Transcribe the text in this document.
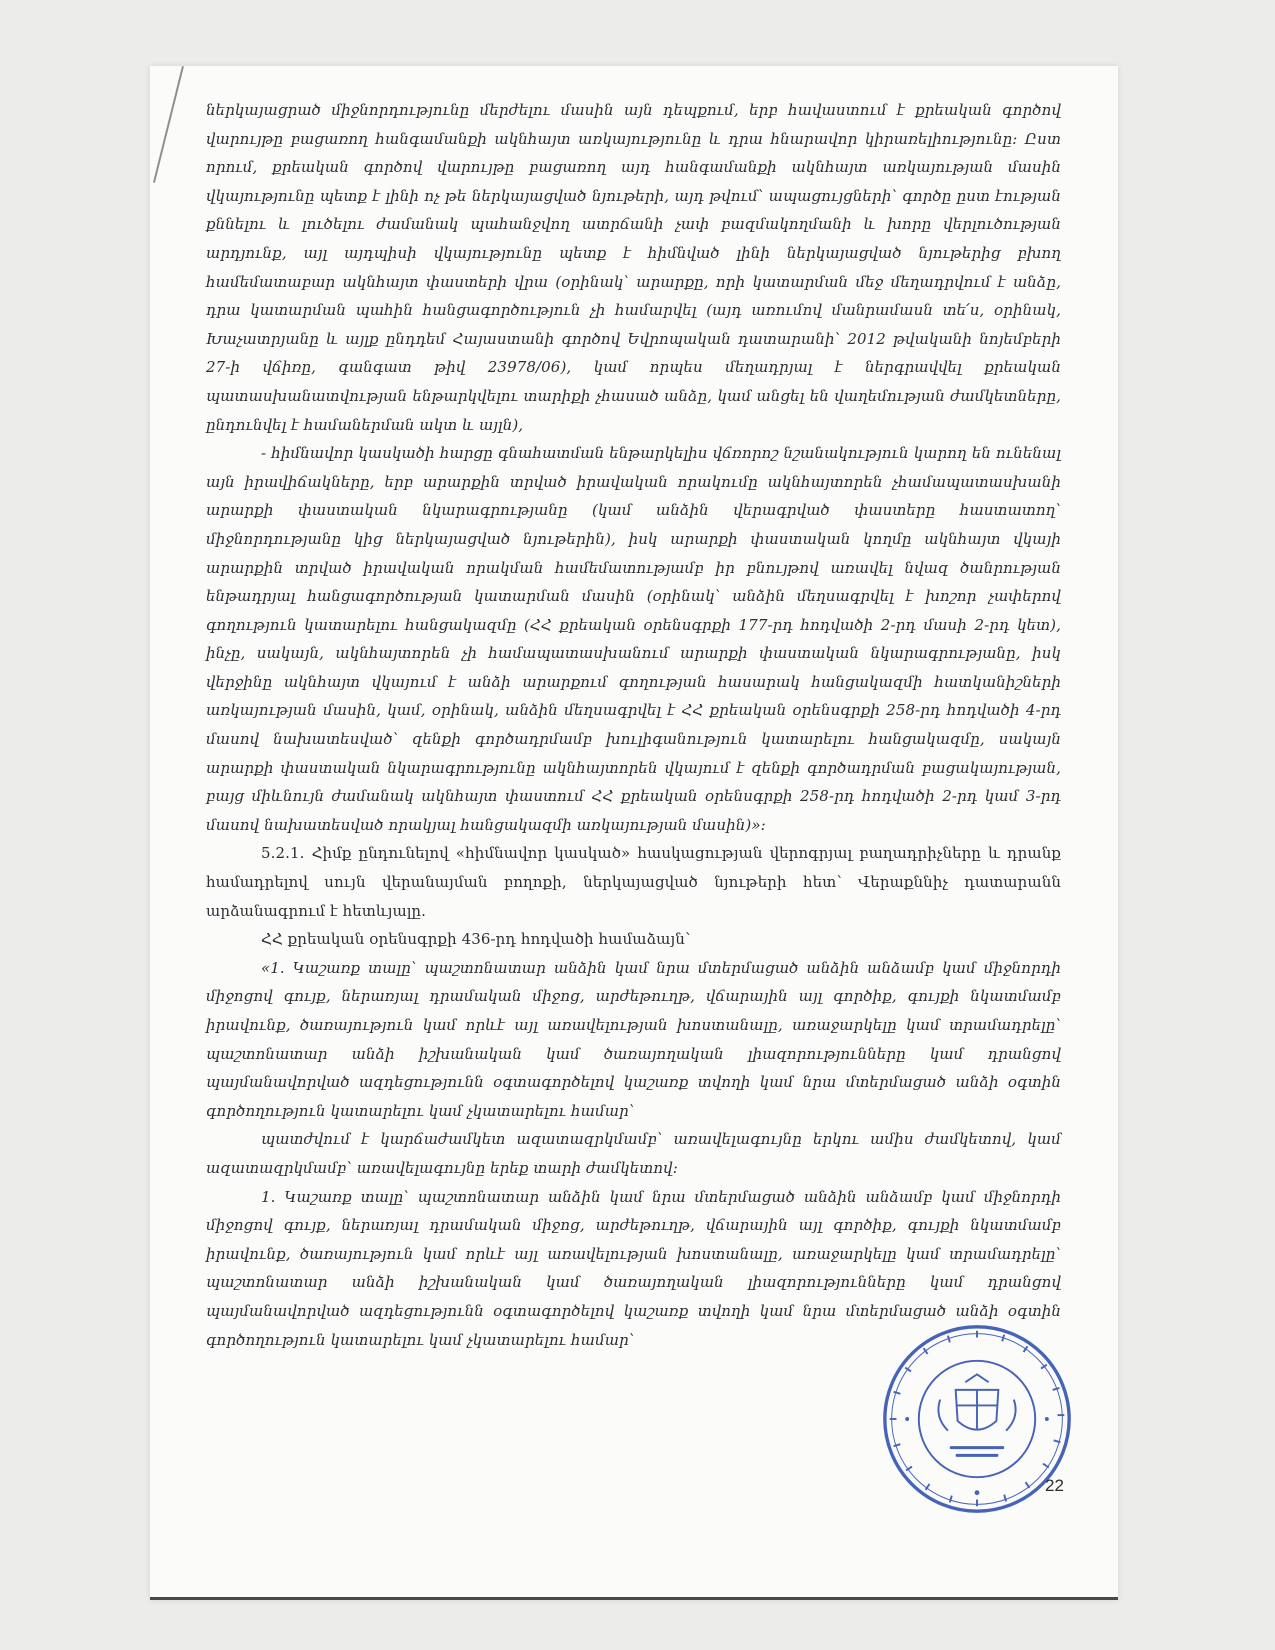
ներկայացրած միջնորդությունը մերժելու մասին այն դեպքում, երբ հավաստում է քրեական գործով վարույթը բացառող հանգամանքի ակնհայտ առկայությունը և դրա հնարավոր կիրառելիությունը: Ըստ որում, քրեական գործով վարույթը բացառող այդ հանգամանքի ակնհայտ առկայության մասին վկայությունը պետք է լինի ոչ թե ներկայացված նյութերի, այդ թվում՝ ապացույցների՝ գործը ըստ էության քննելու և լուծելու ժամանակ պահանջվող ատրճանի չափ բազմակողմանի և խորը վերլուծության արդյունք, այլ այդպիսի վկայությունը պետք է հիմնված լինի ներկայացված նյութերից բխող համեմատաբար ակնհայտ փաստերի վրա (օրինակ՝ արարքը, որի կատարման մեջ մեղադրվում է անձը, դրա կատարման պահին հանցագործություն չի համարվել (այդ առումով մանրամասն տե՛ս, օրինակ, Խաչատրյանը և այլք ընդդեմ Հայաստանի գործով Եվրոպական դատարանի՝ 2012 թվականի նոյեմբերի 27-ի վճիռը, գանգատ թիվ 23978/06), կամ որպես մեղադրյալ է ներգրավվել քրեական պատասխանատվության ենթարկվելու տարիքի չհասած անձը, կամ անցել են վաղեմության ժամկետները, ընդունվել է համաներման ակտ և այլն),

- հիմնավոր կասկածի հարցը գնահատման ենթարկելիս վճռորոշ նշանակություն կարող են ունենալ այն իրավիճակները, երբ արարքին տրված իրավական որակումը ակնհայտորեն չհամապատասխանի արարքի փաստական նկարագրությանը (կամ անձին վերագրված փաստերը հաստատող՝ միջնորդությանը կից ներկայացված նյութերին), իսկ արարքի փաստական կողմը ակնհայտ վկայի արարքին տրված իրավական որակման համեմատությամբ իր բնույթով առավել նվազ ծանրության ենթադրյալ հանցագործության կատարման մասին (օրինակ՝ անձին մեղսագրվել է խոշոր չափերով գողություն կատարելու հանցակազմը (ՀՀ քրեական օրենսգրքի 177-րդ հոդվածի 2-րդ մասի 2-րդ կետ), ինչը, սակայն, ակնհայտորեն չի համապատասխանում արարքի փաստական նկարագրությանը, իսկ վերջինը ակնհայտ վկայում է անձի արարքում գողության հասարակ հանցակազմի հատկանիշների առկայության մասին, կամ, օրինակ, անձին մեղսագրվել է ՀՀ քրեական օրենսգրքի 258-րդ հոդվածի 4-րդ մասով նախատեսված՝ զենքի գործադրմամբ խուլիգանություն կատարելու հանցակազմը, սակայն արարքի փաստական նկարագրությունը ակնհայտորեն վկայում է զենքի գործադրման բացակայության, բայց միևնույն ժամանակ ակնհայտ փաստում ՀՀ քրեական օրենսգրքի 258-րդ հոդվածի 2-րդ կամ 3-րդ մասով նախատեսված որակյալ հանցակազմի առկայության մասին)»:

5.2.1. Հիմք ընդունելով «հիմնավոր կասկած» հասկացության վերոգրյալ բաղադրիչները և դրանք համադրելով սույն վերանայման բողոքի, ներկայացված նյութերի հետ՝ Վերաքննիչ դատարանն արձանագրում է հետևյալը.

ՀՀ քրեական օրենսգրքի 436-րդ հոդվածի համաձայն՝

«1. Կաշառք տալը՝ պաշտոնատար անձին կամ նրա մտերմացած անձին անձամբ կամ միջնորդի միջոցով գույք, ներառյալ դրամական միջոց, արժեթուղթ, վճարային այլ գործիք, գույքի նկատմամբ իրավունք, ծառայություն կամ որևէ այլ առավելության խոստանալը, առաջարկելը կամ տրամադրելը՝ պաշտոնատար անձի իշխանական կամ ծառայողական լիազորությունները կամ դրանցով պայմանավորված ազդեցությունն օգտագործելով կաշառք տվողի կամ նրա մտերմացած անձի օգտին գործողություն կատարելու կամ չկատարելու համար՝

պատժվում է կարճաժամկետ ազատազրկմամբ՝ առավելագույնը երկու ամիս ժամկետով, կամ ազատազրկմամբ՝ առավելագույնը երեք տարի ժամկետով:

1. Կաշառք տալը՝ պաշտոնատար անձին կամ նրա մտերմացած անձին անձամբ կամ միջնորդի միջոցով գույք, ներառյալ դրամական միջոց, արժեթուղթ, վճարային այլ գործիք, գույքի նկատմամբ իրավունք, ծառայություն կամ որևէ այլ առավելության խոստանալը, առաջարկելը կամ տրամադրելը՝ պաշտոնատար անձի իշխանական կամ ծառայողական լիազորությունները կամ դրանցով պայմանավորված ազդեցությունն օգտագործելով կաշառք տվողի կամ նրա մտերմացած անձի օգտին գործողություն կատարելու կամ չկատարելու համար՝

22
